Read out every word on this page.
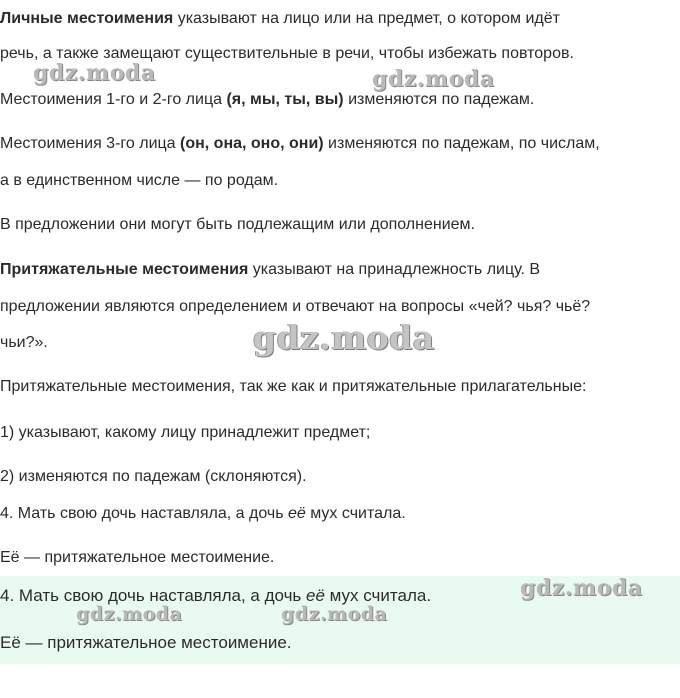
Личные местоимения указывают на лицо или на предмет, о котором идёт
речь, а также замещают существительные в речи, чтобы избежать повторов.
Местоимения 1-го и 2-го лица (я, мы, ты, вы) изменяются по падежам.
Местоимения 3-го лица (он, она, оно, они) изменяются по падежам, по числам,
а в единственном числе — по родам.
В предложении они могут быть подлежащим или дополнением.
Притяжательные местоимения указывают на принадлежность лицу. В
предложении являются определением и отвечают на вопросы «чей? чья? чьё?
чьи?».
Притяжательные местоимения, так же как и притяжательные прилагательные:
1) указывают, какому лицу принадлежит предмет;
2) изменяются по падежам (склоняются).
4. Мать свою дочь наставляла, а дочь её мух считала.
Её — притяжательное местоимение.
4. Мать свою дочь наставляла, а дочь её мух считала.
Её — притяжательное местоимение.
gdz.moda	gdz.moda
gdz.moda
gdz.moda
gdz.moda	gdz.moda
